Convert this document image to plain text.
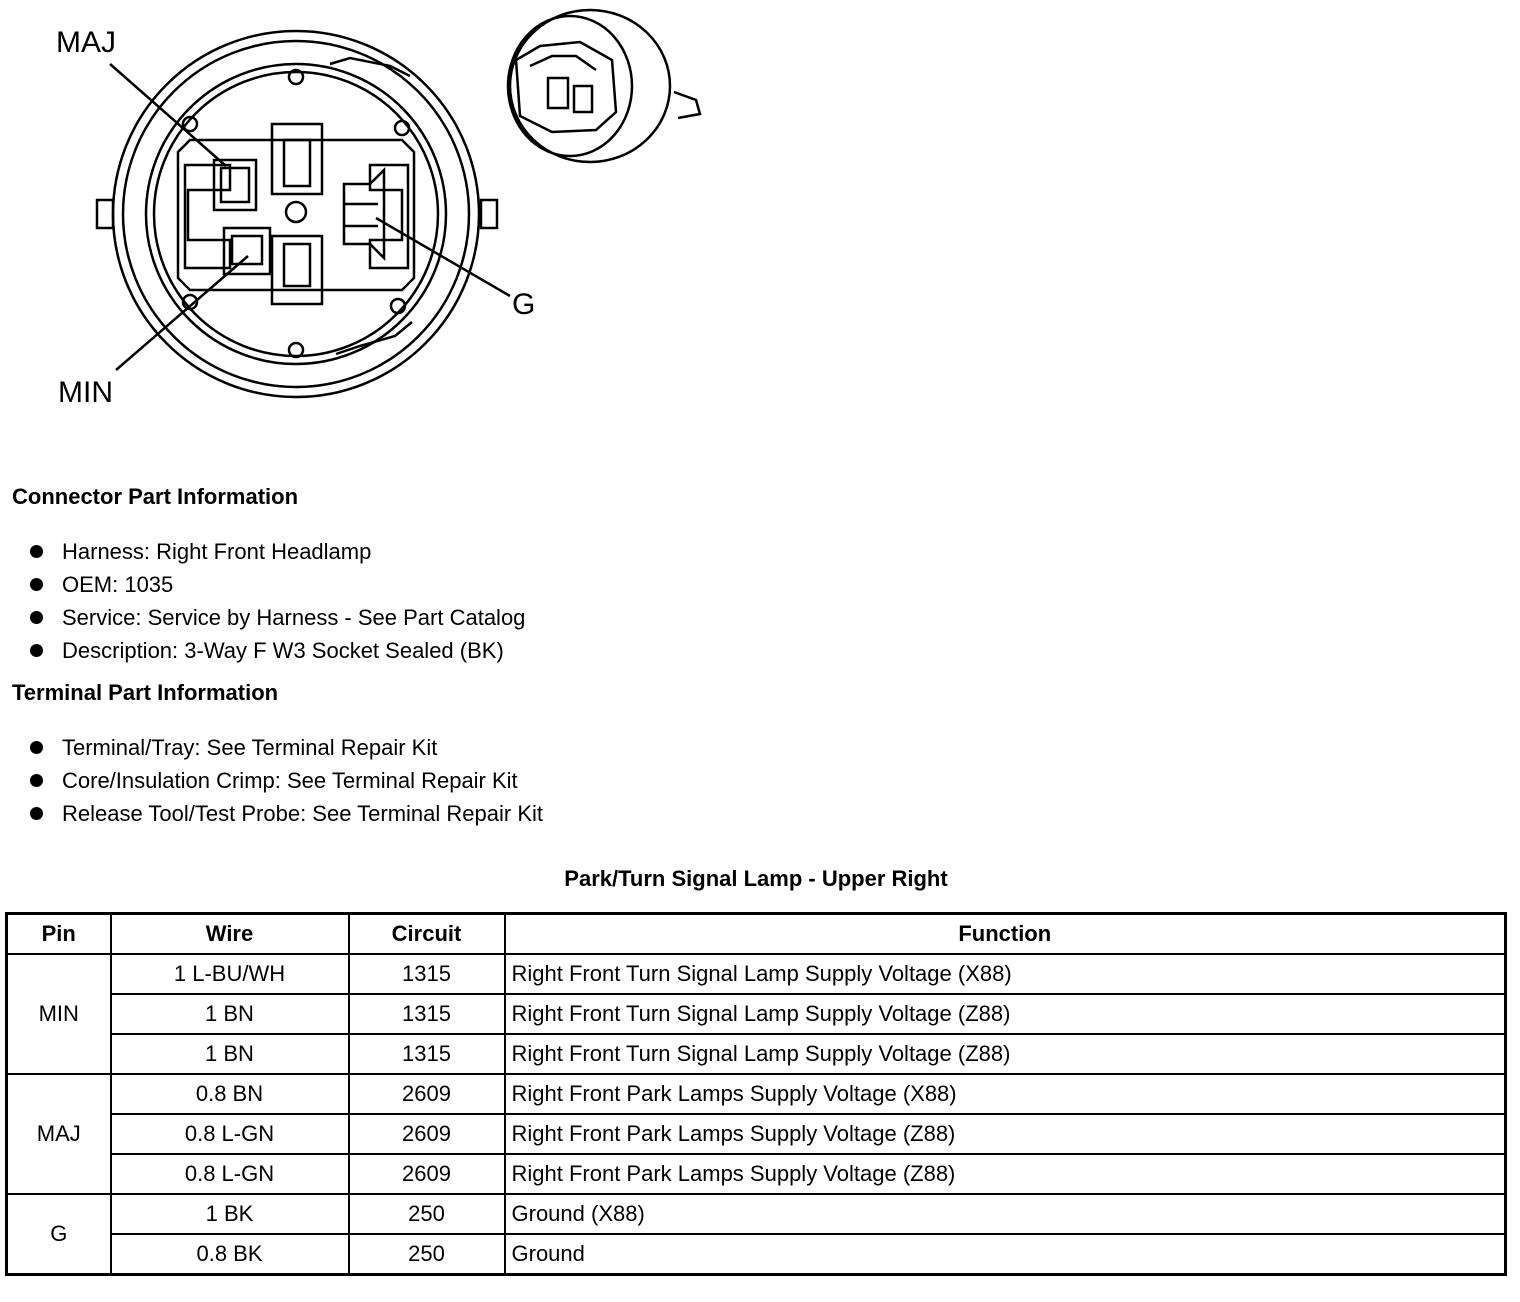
MAJ
MIN
G
Connector Part Information
Harness: Right Front Headlamp
OEM: 1035
Service: Service by Harness - See Part Catalog
Description: 3-Way F W3 Socket Sealed (BK)
Terminal Part Information
Terminal/Tray: See Terminal Repair Kit
Core/Insulation Crimp: See Terminal Repair Kit
Release Tool/Test Probe: See Terminal Repair Kit
Park/Turn Signal Lamp - Upper Right
Pin	Wire	Circuit	Function
MIN	1 L-BU/WH	1315	Right Front Turn Signal Lamp Supply Voltage (X88)
	1 BN	1315	Right Front Turn Signal Lamp Supply Voltage (Z88)
	1 BN	1315	Right Front Turn Signal Lamp Supply Voltage (Z88)
MAJ	0.8 BN	2609	Right Front Park Lamps Supply Voltage (X88)
	0.8 L-GN	2609	Right Front Park Lamps Supply Voltage (Z88)
	0.8 L-GN	2609	Right Front Park Lamps Supply Voltage (Z88)
G	1 BK	250	Ground (X88)
	0.8 BK	250	Ground
